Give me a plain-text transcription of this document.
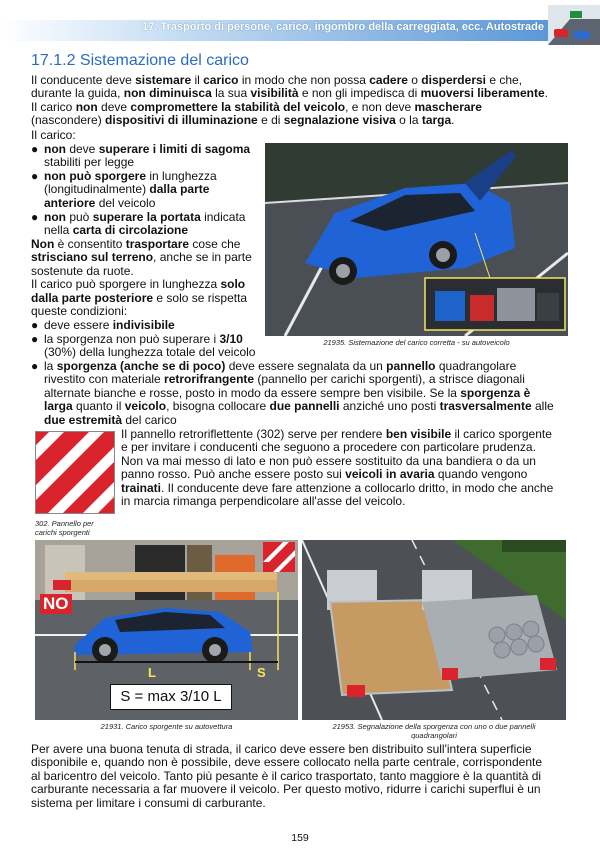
17. Trasporto di persone, carico, ingombro della carreggiata, ecc. Autostrade
17.1.2 Sistemazione del carico
Il conducente deve sistemare il carico in modo che non possa cadere o disperdersi e che,
durante la guida, non diminuisca la sua visibilità e non gli impedisca di muoversi liberamente.
Il carico non deve compromettere la stabilità del veicolo, e non deve mascherare
(nascondere) dispositivi di illuminazione e di segnalazione visiva o la targa.
Il carico:
non deve superare i limiti di sagoma
●
stabiliti per legge
non può sporgere in lunghezza
●
(longitudinalmente) dalla parte
anteriore del veicolo
non può superare la portata indicata
●
nella carta di circolazione
Non è consentito trasportare cose che
strisciano sul terreno, anche se in parte
sostenute da ruote.
Il carico può sporgere in lunghezza solo
dalla parte posteriore e solo se rispetta
queste condizioni:
deve essere indivisibile
●
la sporgenza non può superare i 3/10
●
(30%) della lunghezza totale del veicolo
la sporgenza (anche se di poco) deve essere segnalata da un pannello quadrangolare
●
rivestito con materiale retrorifrangente (pannello per carichi sporgenti), a strisce diagonali
alternate bianche e rosse, posto in modo da essere sempre ben visibile. Se la sporgenza è
larga quanto il veicolo, bisogna collocare due pannelli anziché uno posti trasversalmente alle
due estremità del carico
Il pannello retroriflettente (302) serve per rendere ben visibile il carico sporgente
e per invitare i conducenti che seguono a procedere con particolare prudenza.
Non va mai messo di lato e non può essere sostituito da una bandiera o da un
panno rosso. Può anche essere posto sui veicoli in avaria quando vengono
trainati. Il conducente deve fare attenzione a collocarlo dritto, in modo che anche
in marcia rimanga perpendicolare all'asse del veicolo.
21935. Sistemazione del carico corretta - su autoveicolo
302. Pannello per
carichi sporgenti
NO
L	S
S = max 3/10 L
21931. Carico sporgente su autovettura	21953. Segnalazione della sporgenza con uno o due pannelli
quadrangolari
Per avere una buona tenuta di strada, il carico deve essere ben distribuito sull'intera superficie
disponibile e, quando non è possibile, deve essere collocato nella parte centrale, corrispondente
al baricentro del veicolo. Tanto più pesante è il carico trasportato, tanto maggiore è la quantità di
carburante necessaria a far muovere il veicolo. Per questo motivo, ridurre i carichi superflui è un
sistema per limitare i consumi di carburante.
159
